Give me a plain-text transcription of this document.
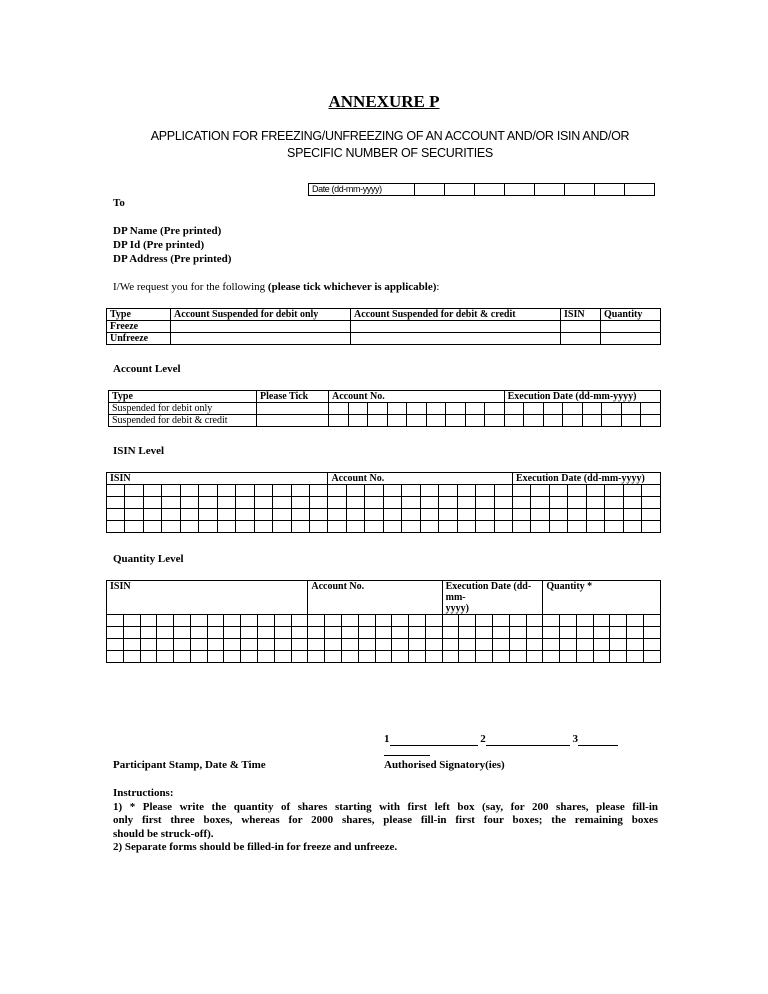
ANNEXURE P
APPLICATION FOR FREEZING/UNFREEZING OF AN ACCOUNT AND/OR ISIN AND/OR
SPECIFIC NUMBER OF SECURITIES
Date (dd-mm-yyyy)								
To
DP Name (Pre printed)
DP Id (Pre printed)
DP Address (Pre printed)
I/We request you for the following (please tick whichever is applicable):
Type	Account Suspended for debit only	Account Suspended for debit & credit	ISIN	Quantity
Freeze				
Unfreeze				
Account Level
Type	Please Tick	Account No.									Execution Date (dd-mm-yyyy)							
Suspended for debit only																		
Suspended for debit & credit																		
ISIN Level
ISIN												Account No.										Execution Date (dd-mm-yyyy)							

Quantity Level
ISIN												Account No.								Execution Date (dd-mm-
yyyy)						Quantity *						

1	2	3
Participant Stamp, Date & Time	Authorised Signatory(ies)
Instructions:
1) * Please write the quantity of shares starting with first left box (say, for 200 shares, please fill-in
only first three boxes, whereas for 2000 shares, please fill-in first four boxes; the remaining boxes
should be struck-off).
2) Separate forms should be filled-in for freeze and unfreeze.
